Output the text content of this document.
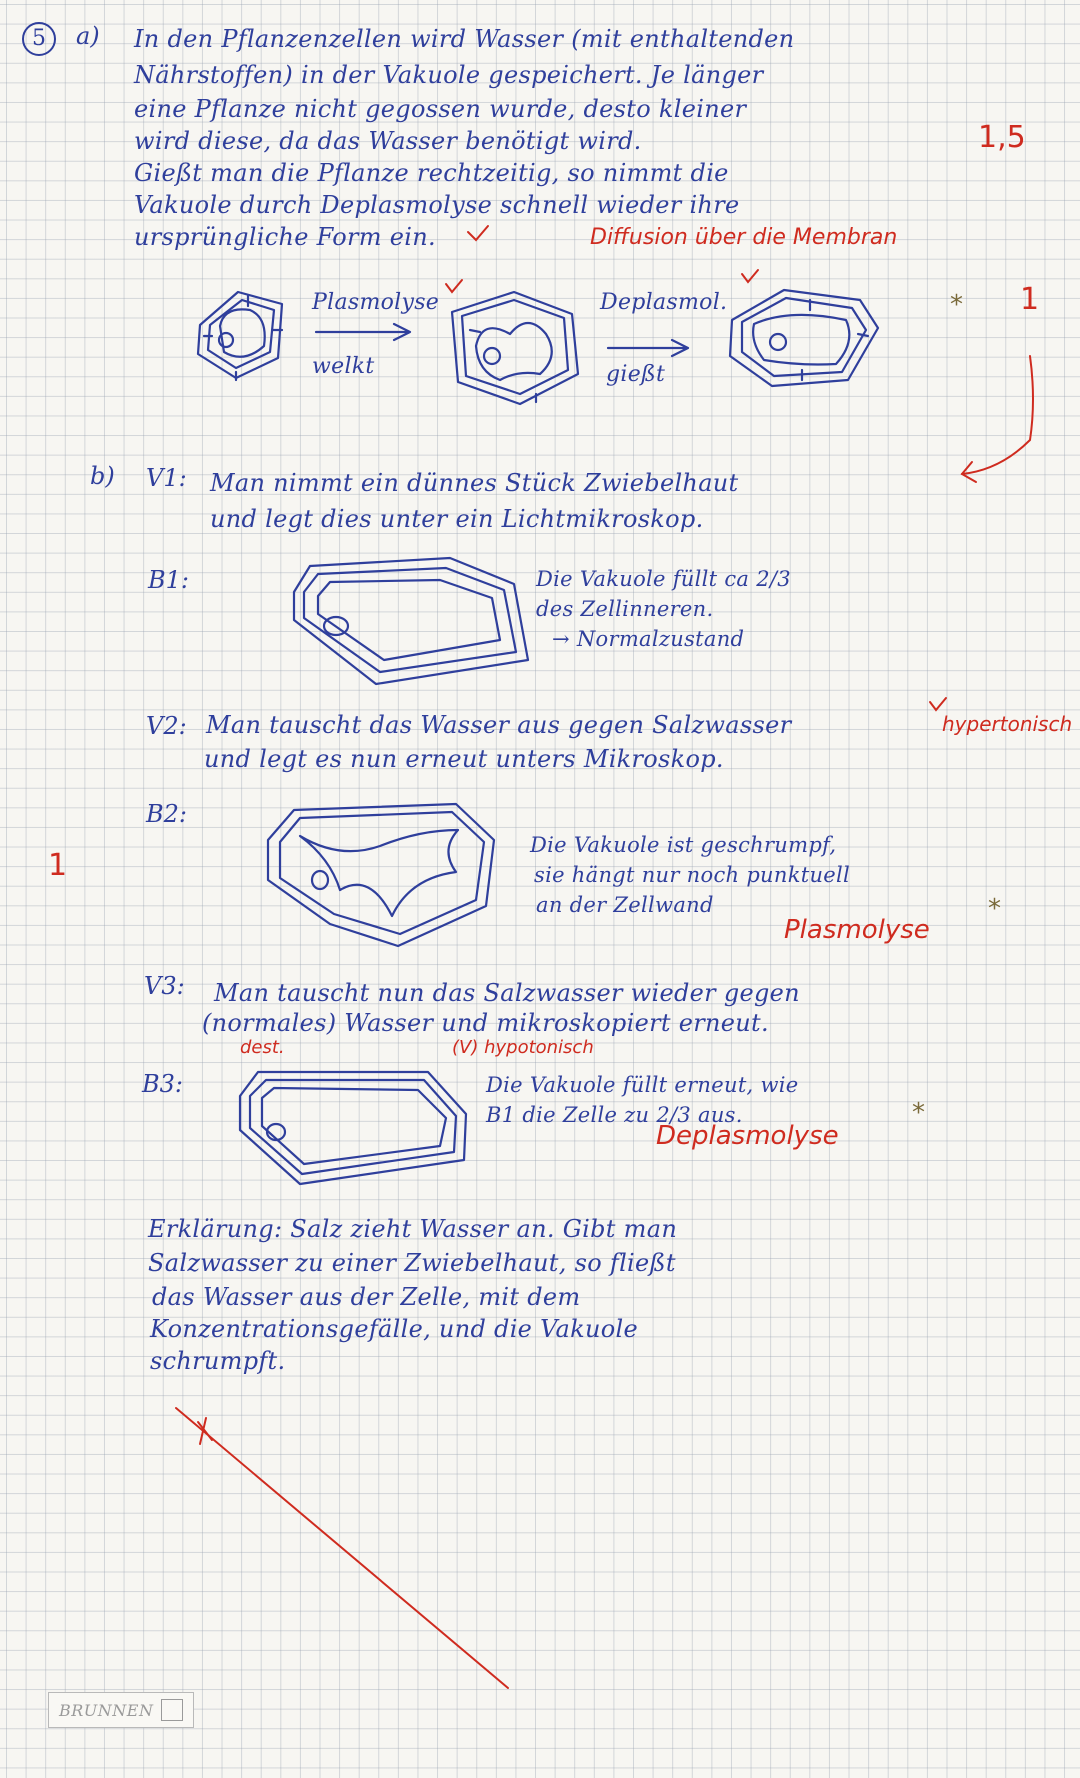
5	a) In den Pflanzenzellen wird Wasser (mit enthaltenden
Nährstoffen) in der Vakuole gespeichert. Je länger
eine Pflanze nicht gegossen wurde, desto kleiner
wird diese, da das Wasser benötigt wird.
Gießt man die Pflanze rechtzeitig, so nimmt die
Vakuole durch Deplasmolyse schnell wieder ihre
ursprüngliche Form ein.	Diffusion über die Membran
1,5
Plasmolyse
welkt
Deplasmol.
gießt
1
*
b) V1: Man nimmt ein dünnes Stück Zwiebelhaut
und legt dies unter ein Lichtmikroskop.
B1:	Die Vakuole füllt ca 2/3
des Zellinneren.
→ Normalzustand
V2: Man tauscht das Wasser aus gegen Salzwasser
und legt es nun erneut unters Mikroskop.
hypertonisch
B2:
Die Vakuole ist geschrumpf,
sie hängt nur noch punktuell
an der Zellwand
Plasmolyse
1
*
V3: Man tauscht nun das Salzwasser wieder gegen
(normales) Wasser und mikroskopiert erneut.
dest.	(V) hypotonisch
B3:	Die Vakuole füllt erneut, wie
B1 die Zelle zu 2/3 aus.
Deplasmolyse
*
Erklärung: Salz zieht Wasser an. Gibt man
Salzwasser zu einer Zwiebelhaut, so fließt
das Wasser aus der Zelle, mit dem
Konzentrationsgefälle, und die Vakuole
schrumpft.
BRUNNEN
